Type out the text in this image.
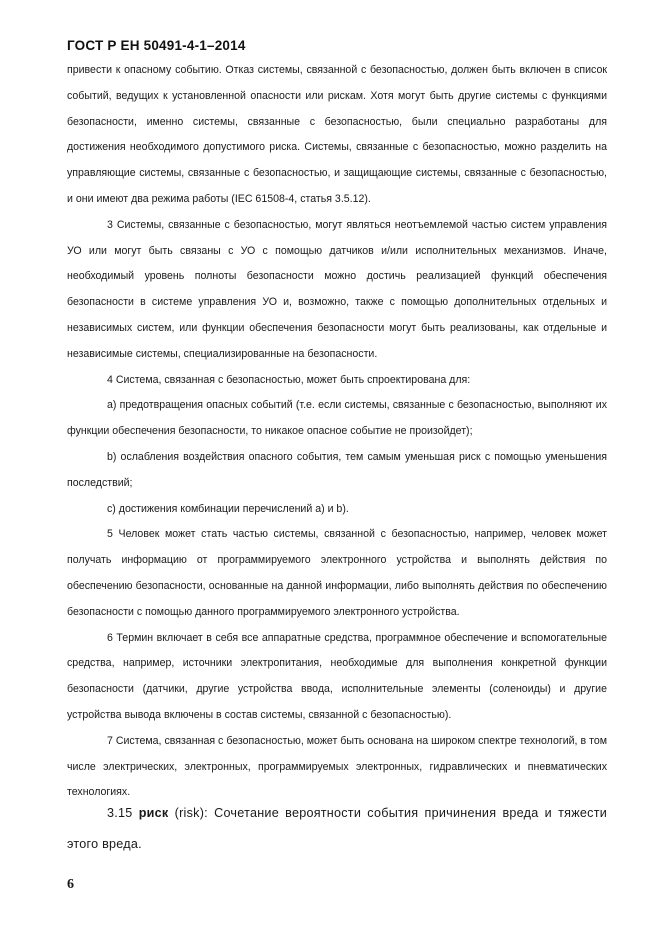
ГОСТ Р ЕН 50491-4-1–2014

привести к опасному событию. Отказ системы, связанной с безопасностью, должен быть включен в список событий, ведущих к установленной опасности или рискам. Хотя могут быть другие системы с функциями безопасности, именно системы, связанные с безопасностью, были специально разработаны для достижения необходимого допустимого риска. Системы, связанные с безопасностью, можно разделить на управляющие системы, связанные с безопасностью, и защищающие системы, связанные с безопасностью, и они имеют два режима работы (IEC 61508-4, статья 3.5.12).

3 Системы, связанные с безопасностью, могут являться неотъемлемой частью систем управления УО или могут быть связаны с УО с помощью датчиков и/или исполнительных механизмов. Иначе, необходимый уровень полноты безопасности можно достичь реализацией функций обеспечения безопасности в системе управления УО и, возможно, также с помощью дополнительных отдельных и независимых систем, или функции обеспечения безопасности могут быть реализованы, как отдельные и независимые системы, специализированные на безопасности.

4 Система, связанная с безопасностью, может быть спроектирована для:

a) предотвращения опасных событий (т.е. если системы, связанные с безопасностью, выполняют их функции обеспечения безопасности, то никакое опасное событие не произойдет);

b) ослабления воздействия опасного события, тем самым уменьшая риск с помощью уменьшения последствий;

c) достижения комбинации перечислений a) и b).

5 Человек может стать частью системы, связанной с безопасностью, например, человек может получать информацию от программируемого электронного устройства и выполнять действия по обеспечению безопасности, основанные на данной информации, либо выполнять действия по обеспечению безопасности с помощью данного программируемого электронного устройства.

6 Термин включает в себя все аппаратные средства, программное обеспечение и вспомогательные средства, например, источники электропитания, необходимые для выполнения конкретной функции безопасности (датчики, другие устройства ввода, исполнительные элементы (соленоиды) и другие устройства вывода включены в состав системы, связанной с безопасностью).

7 Система, связанная с безопасностью, может быть основана на широком спектре технологий, в том числе электрических, электронных, программируемых электронных, гидравлических и пневматических технологиях.

3.15 риск (risk): Сочетание вероятности события причинения вреда и тяжести этого вреда.

6
